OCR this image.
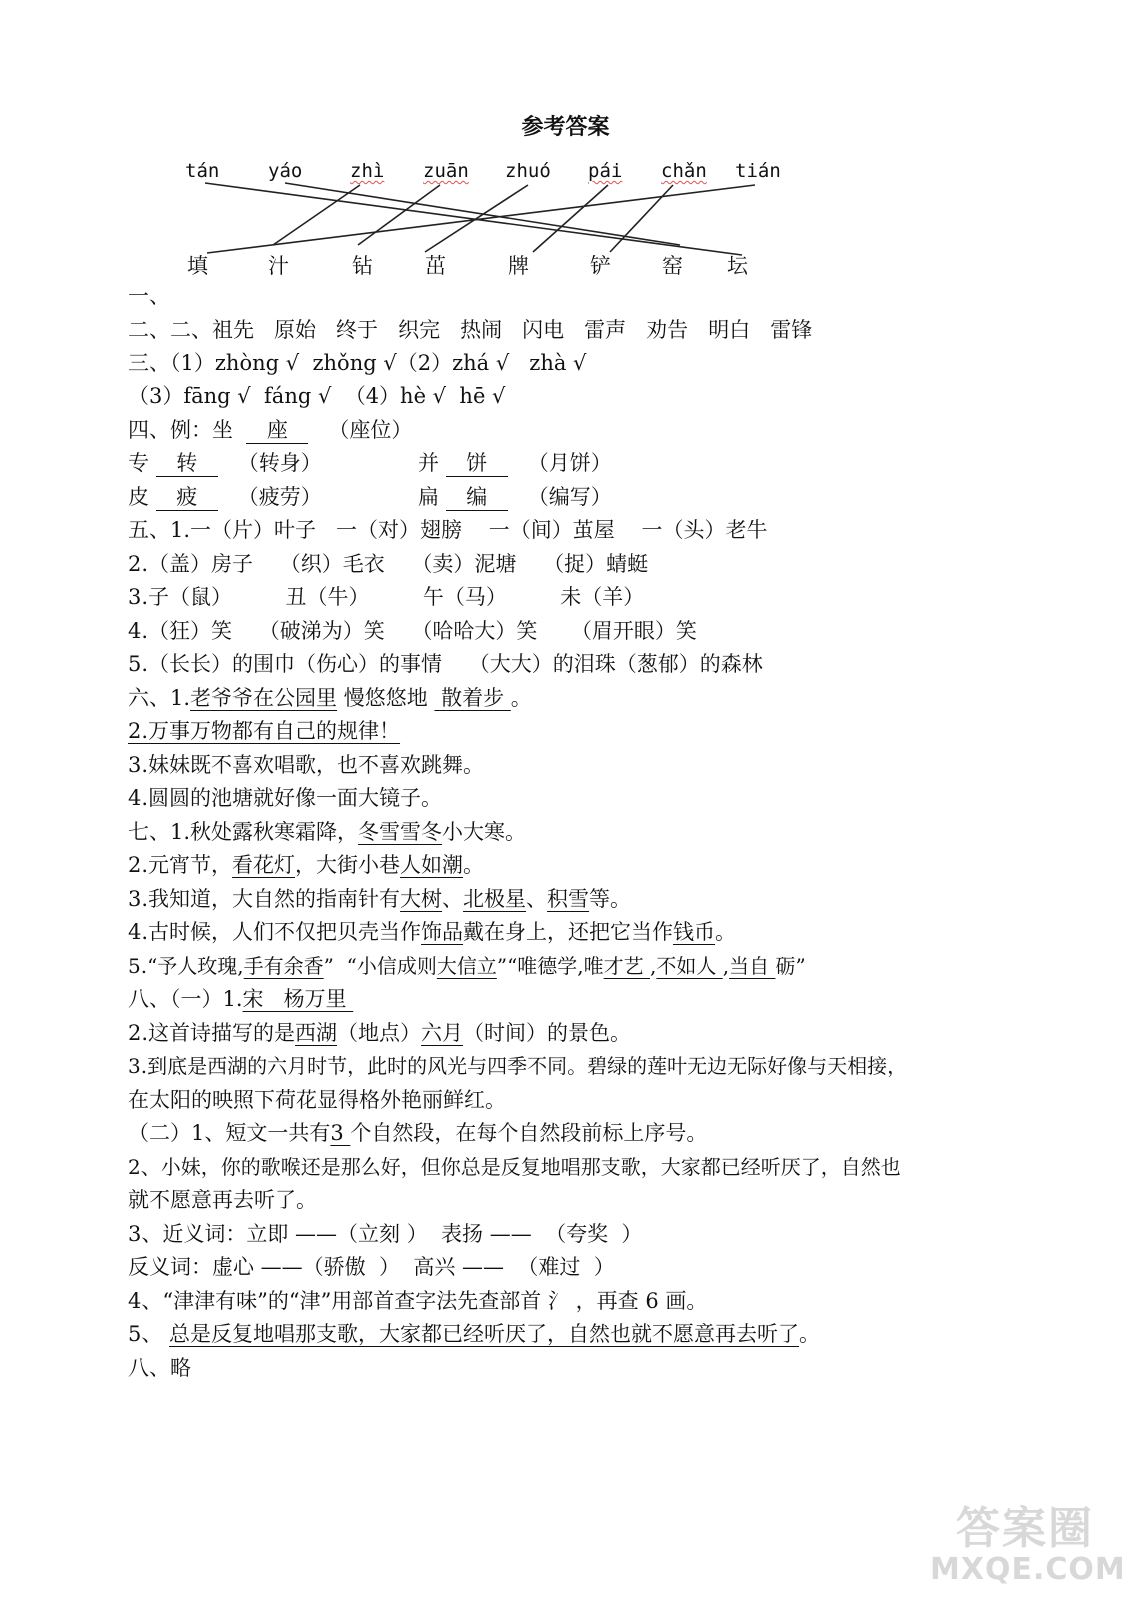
参考答案
tán	yáo	zhì zuān zhuó pái chǎn tián
填	汁	钻 茁	牌	铲 窑 坛
一、
二、二、祖先   原始   终于   织完   热闹   闪电   雷声   劝告   明白   雷锋
三、（1）zhòng √  zhǒng √（2）zhá √   zhà √
（3）fāng √  fáng √  （4）hè √  hē √
四、例：坐 座 （座位）
专 转 （转身）	并 饼 （月饼）
皮 疲 （疲劳）	扁 编 （编写）
五、1.一（片）叶子   一（对）翅膀    一（间）茧屋    一（头）老牛
2.（盖）房子    （织）毛衣    （卖）泥塘    （捉）蜻蜓
3.子（鼠）        丑（牛）        午（马）        未（羊）
4.（狂）笑    （破涕为）笑    （哈哈大）笑     （眉开眼）笑
5.（长长）的围巾（伤心）的事情    （大大）的泪珠（葱郁）的森林
六、1.老爷爷在公园里 慢悠悠地  散着步 。
2.万事万物都有自己的规律！
3.妹妹既不喜欢唱歌，也不喜欢跳舞。
4.圆圆的池塘就好像一面大镜子。
七、1.秋处露秋寒霜降，冬雪雪冬小大寒。
2.元宵节，看花灯，大街小巷人如潮。
3.我知道，大自然的指南针有大树、北极星、积雪等。
4.古时候，人们不仅把贝壳当作饰品戴在身上，还把它当作钱币。
5.“予人玫瑰,手有余香”  “小信成则大信立”“唯德学,唯才艺 ,不如人 ,当自 砺”
八、（一）1.宋   杨万里
2.这首诗描写的是西湖（地点）六月（时间）的景色。
3.到底是西湖的六月时节，此时的风光与四季不同。碧绿的莲叶无边无际好像与天相接，
在太阳的映照下荷花显得格外艳丽鲜红。
（二）1、短文一共有3 个自然段，在每个自然段前标上序号。
2、小妹，你的歌喉还是那么好，但你总是反复地唱那支歌，大家都已经听厌了，自然也
就不愿意再去听了。
3、近义词：立即 ——（立刻 ）  表扬 ——  （夸奖  ）
反义词：虚心 ——（骄傲  ）  高兴 ——  （难过  ）
4、“津津有味”的“津”用部首查字法先查部首 氵 ，再查 6 画。
5、 总是反复地唱那支歌，大家都已经听厌了，自然也就不愿意再去听了。
八、略
答案圈
MXQE.COM
